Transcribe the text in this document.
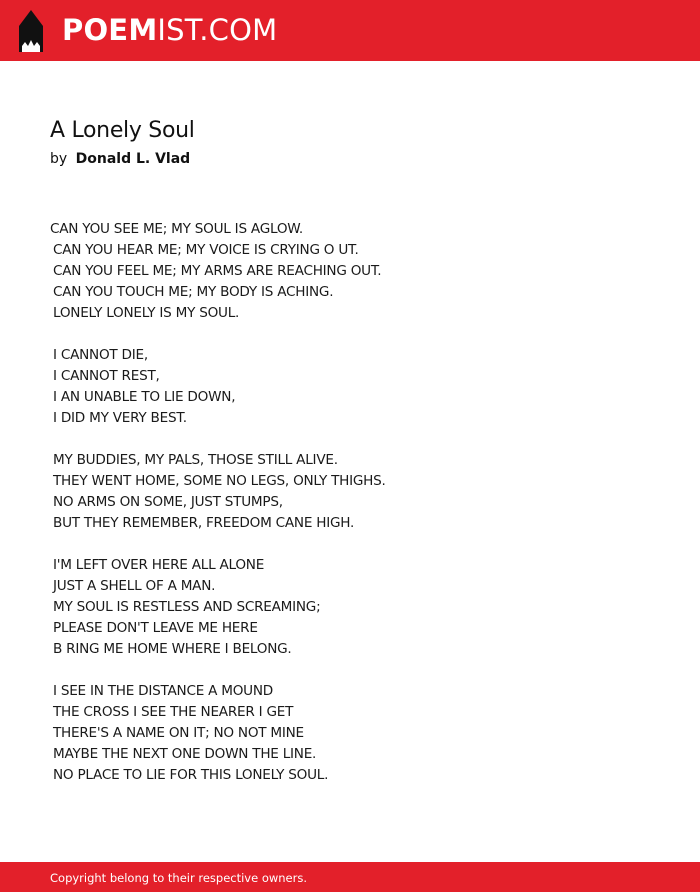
POEMIST.COM
A Lonely Soul
by Donald L. Vlad
CAN YOU SEE ME; MY SOUL IS AGLOW.
CAN YOU HEAR ME; MY VOICE IS CRYING O UT.
CAN YOU FEEL ME; MY ARMS ARE REACHING OUT.
CAN YOU TOUCH ME; MY BODY IS ACHING.
LONELY LONELY IS MY SOUL.
I CANNOT DIE,
I CANNOT REST,
I AN UNABLE TO LIE DOWN,
I DID MY VERY BEST.
MY BUDDIES, MY PALS, THOSE STILL ALIVE.
THEY WENT HOME, SOME NO LEGS, ONLY THIGHS.
NO ARMS ON SOME, JUST STUMPS,
BUT THEY REMEMBER, FREEDOM CANE HIGH.
I'M LEFT OVER HERE ALL ALONE
JUST A SHELL OF A MAN.
MY SOUL IS RESTLESS AND SCREAMING;
PLEASE DON'T LEAVE ME HERE
B RING ME HOME WHERE I BELONG.
I SEE IN THE DISTANCE A MOUND
THE CROSS I SEE THE NEARER I GET
THERE'S A NAME ON IT; NO NOT MINE
MAYBE THE NEXT ONE DOWN THE LINE.
NO PLACE TO LIE FOR THIS LONELY SOUL.
Copyright belong to their respective owners.
